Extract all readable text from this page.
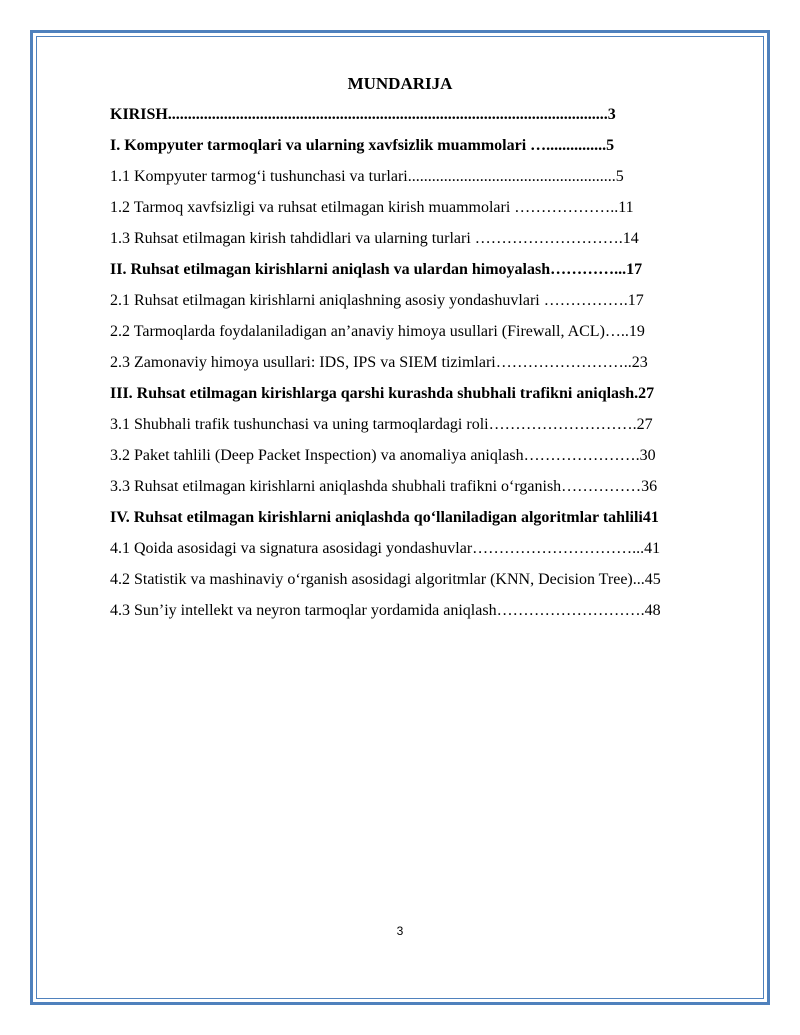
MUNDARIJA
KIRISH..............................................................................................................3
I. Kompyuter tarmoqlari va ularning xavfsizlik muammolari …...............5
1.1 Kompyuter tarmog‘i tushunchasi va turlari....................................................5
1.2 Tarmoq xavfsizligi va ruhsat etilmagan kirish muammolari ………………..11
1.3 Ruhsat etilmagan kirish tahdidlari va ularning turlari ……………………….14
II. Ruhsat etilmagan kirishlarni aniqlash va ulardan himoyalash…………...17
2.1 Ruhsat etilmagan kirishlarni aniqlashning asosiy yondashuvlari …………….17
2.2 Tarmoqlarda foydalaniladigan an’anaviy himoya usullari (Firewall, ACL)…..19
2.3 Zamonaviy himoya usullari: IDS, IPS va SIEM tizimlari……………………..23
III. Ruhsat etilmagan kirishlarga qarshi kurashda shubhali trafikni aniqlash.27
3.1 Shubhali trafik tushunchasi va uning tarmoqlardagi roli……………………….27
3.2 Paket tahlili (Deep Packet Inspection) va anomaliya aniqlash………………….30
3.3 Ruhsat etilmagan kirishlarni aniqlashda shubhali trafikni o‘rganish……………36
IV. Ruhsat etilmagan kirishlarni aniqlashda qo‘llaniladigan algoritmlar tahlili41
4.1 Qoida asosidagi va signatura asosidagi yondashuvlar…………………………...41
4.2 Statistik va mashinaviy o‘rganish asosidagi algoritmlar (KNN, Decision Tree)...45
4.3 Sun’iy intellekt va neyron tarmoqlar yordamida aniqlash……………………….48
3
